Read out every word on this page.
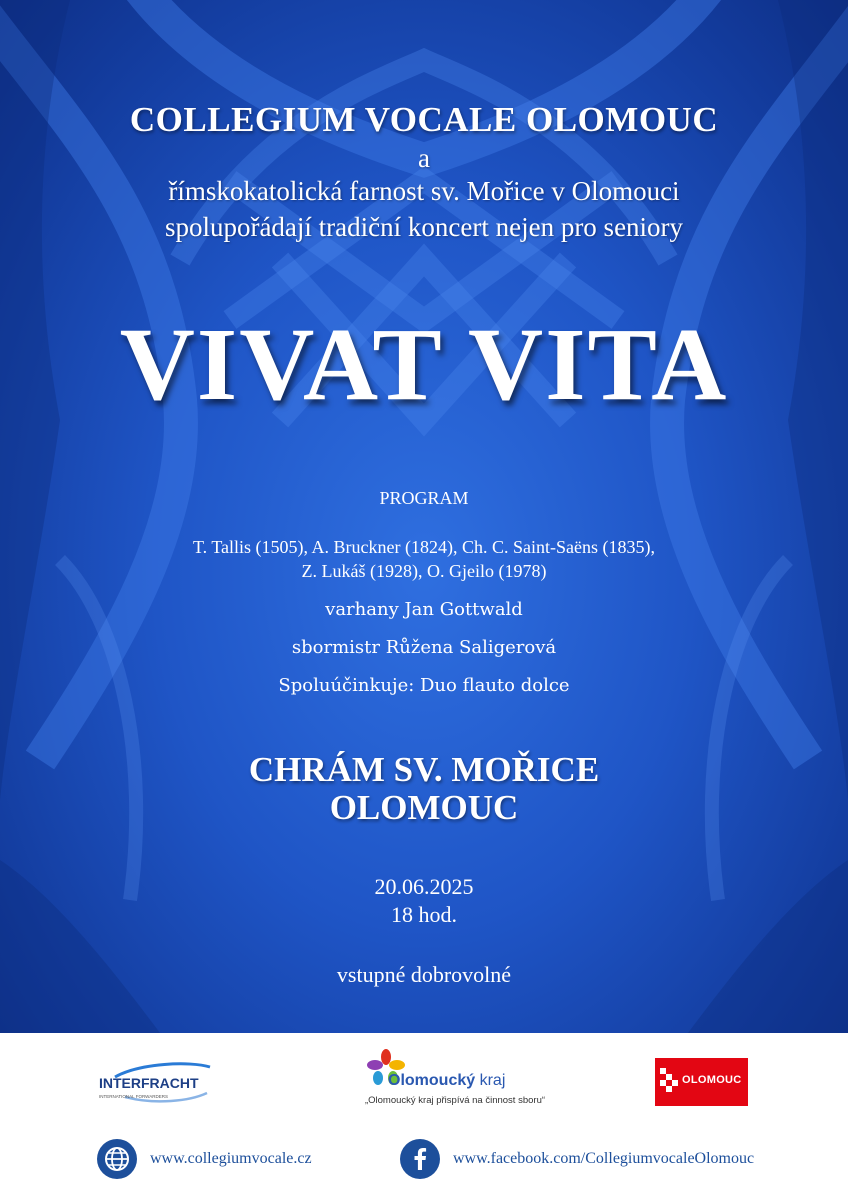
COLLEGIUM VOCALE OLOMOUC
a
římskokatolická farnost sv. Mořice v Olomouci
spolupořádají tradiční koncert nejen pro seniory
VIVAT VITA
PROGRAM
T. Tallis (1505), A. Bruckner (1824), Ch. C. Saint-Saëns (1835),
Z. Lukáš (1928), O. Gjeilo (1978)
varhany Jan Gottwald
sbormistr Růžena Saligerová
Spoluúčinkuje: Duo flauto dolce
CHRÁM SV. MOŘICE
OLOMOUC
20.06.2025
18 hod.
vstupné dobrovolné
INTERFRACHT
INTERNATIONAL FORWARDERS
Olomoucký kraj
„Olomoucký kraj přispívá na činnost sboru“
OLOMOUC
www.collegiumvocale.cz	www.facebook.com/CollegiumvocaleOlomouc
